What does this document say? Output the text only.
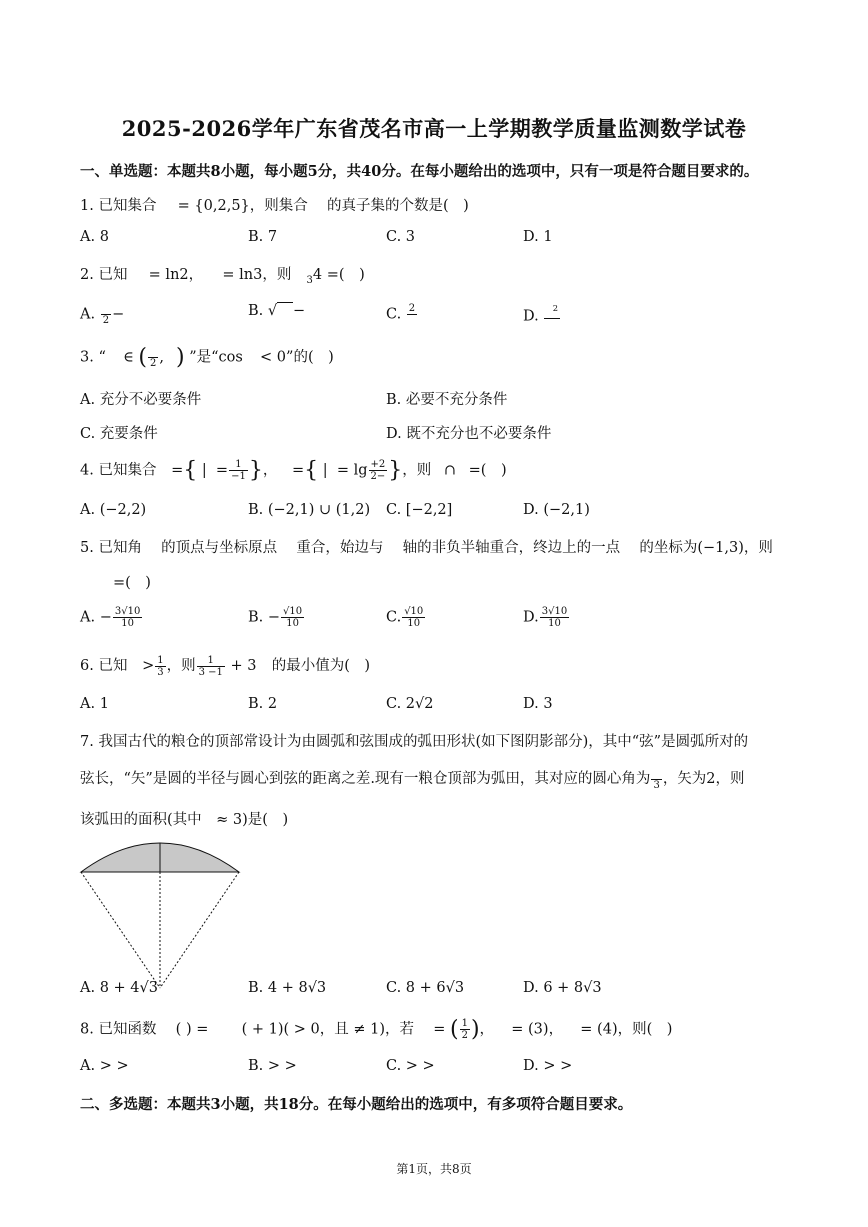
2025-2026学年广东省茂名市高一上学期教学质量监测数学试卷
一、单选题：本题共8小题，每小题5分，共40分。在每小题给出的选项中，只有一项是符合题目要求的。
1. 已知集合 = {0,2,5}，则集合 的真子集的个数是(　)
A. 8	B. 7	C. 3	D. 1
2. 已知 = ln2， = ln3，则 $_3$4 =(　)
A.
2 −	B. √ −	C. 2

D.
$^2$

3. “ ∈ (
2 , ) ”是“cos < 0”的(　)
A. 充分不必要条件	B. 必要不充分条件
C. 充要条件	D. 既不充分也不必要条件
4. 已知集合 ={ |  = $\frac{1}{-1}$ }， ={ |  = $\lg \frac{+2}{2-}$ }，则 ∩ =(　)
A. (−2,2)	B. (−2,1) ∪ (1,2) C. [−2,2]	D. (−2,1)
5. 已知角 的顶点与坐标原点 重合，始边与 轴的非负半轴重合，终边上的一点 的坐标为(−1,3)，则
=(　)
A. − $\frac{3√10}{10}$	B. − $\frac{√10}{10}$	C. $\frac{√10}{10}$	D. $\frac{3√10}{10}$
6. 已知 > $\frac{1}{3}$ ，则 $\frac{1}{3 -1} + 3$ 的最小值为(　)
A. 1	B. 2	C. 2√2	D. 3
7. 我国古代的粮仓的顶部常设计为由圆弧和弦围成的弧田形状(如下图阴影部分)，其中“弦”是圆弧所对的
弦长，“矢”是圆的半径与圆心到弦的距离之差.现有一粮仓顶部为弧田，其对应的圆心角为
3 ，矢为2，则
该弧田的面积(其中　≈ 3)是(　)
A. 8 + 4√3	B. 4 + 8√3	C. 8 + 6√3	D. 6 + 8√3
8. 已知函数 ( ) = ( + 1)( > 0，且 ≠ 1)，若 = ( $\frac{1}{2}$ )， = (3)， = (4)，则(　)
A. > >	B. > >	C. > >	D. > >
二、多选题：本题共3小题，共18分。在每小题给出的选项中，有多项符合题目要求。
第1页，共8页
